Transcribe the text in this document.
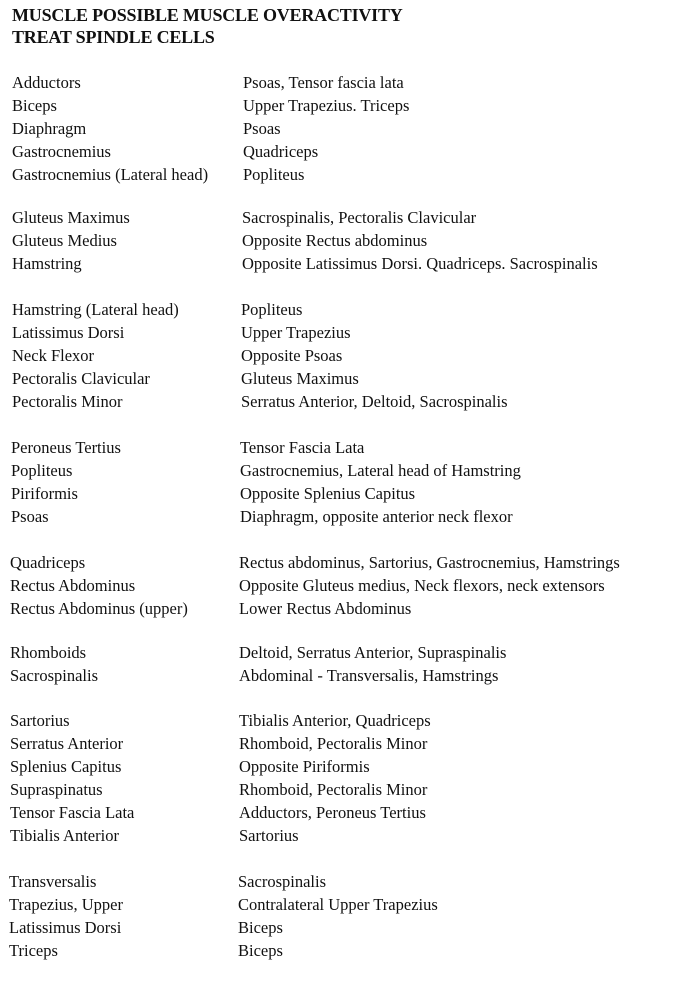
MUSCLE POSSIBLE MUSCLE OVERACTIVITY
TREAT SPINDLE CELLS
Adductors	Psoas, Tensor fascia lata
Biceps	Upper Trapezius. Triceps
Diaphragm	Psoas
Gastrocnemius	Quadriceps
Gastrocnemius (Lateral head) Popliteus
Gluteus Maximus	Sacrospinalis, Pectoralis Clavicular
Gluteus Medius	Opposite Rectus abdominus
Hamstring	Opposite Latissimus Dorsi. Quadriceps. Sacrospinalis
Hamstring (Lateral head)	Popliteus
Latissimus Dorsi	Upper Trapezius
Neck Flexor	Opposite Psoas
Pectoralis Clavicular	Gluteus Maximus
Pectoralis Minor	Serratus Anterior, Deltoid, Sacrospinalis
Peroneus Tertius	Tensor Fascia Lata
Popliteus	Gastrocnemius, Lateral head of Hamstring
Piriformis	Opposite Splenius Capitus
Psoas	Diaphragm, opposite anterior neck flexor
Quadriceps	Rectus abdominus, Sartorius, Gastrocnemius, Hamstrings
Rectus Abdominus	Opposite Gluteus medius, Neck flexors, neck extensors
Rectus Abdominus (upper)	Lower Rectus Abdominus
Rhomboids	Deltoid, Serratus Anterior, Supraspinalis
Sacrospinalis	Abdominal - Transversalis, Hamstrings
Sartorius	Tibialis Anterior, Quadriceps
Serratus Anterior	Rhomboid, Pectoralis Minor
Splenius Capitus	Opposite Piriformis
Supraspinatus	Rhomboid, Pectoralis Minor
Tensor Fascia Lata	Adductors, Peroneus Tertius
Tibialis Anterior	Sartorius
Transversalis	Sacrospinalis
Trapezius, Upper	Contralateral Upper Trapezius
Latissimus Dorsi	Biceps
Triceps	Biceps
